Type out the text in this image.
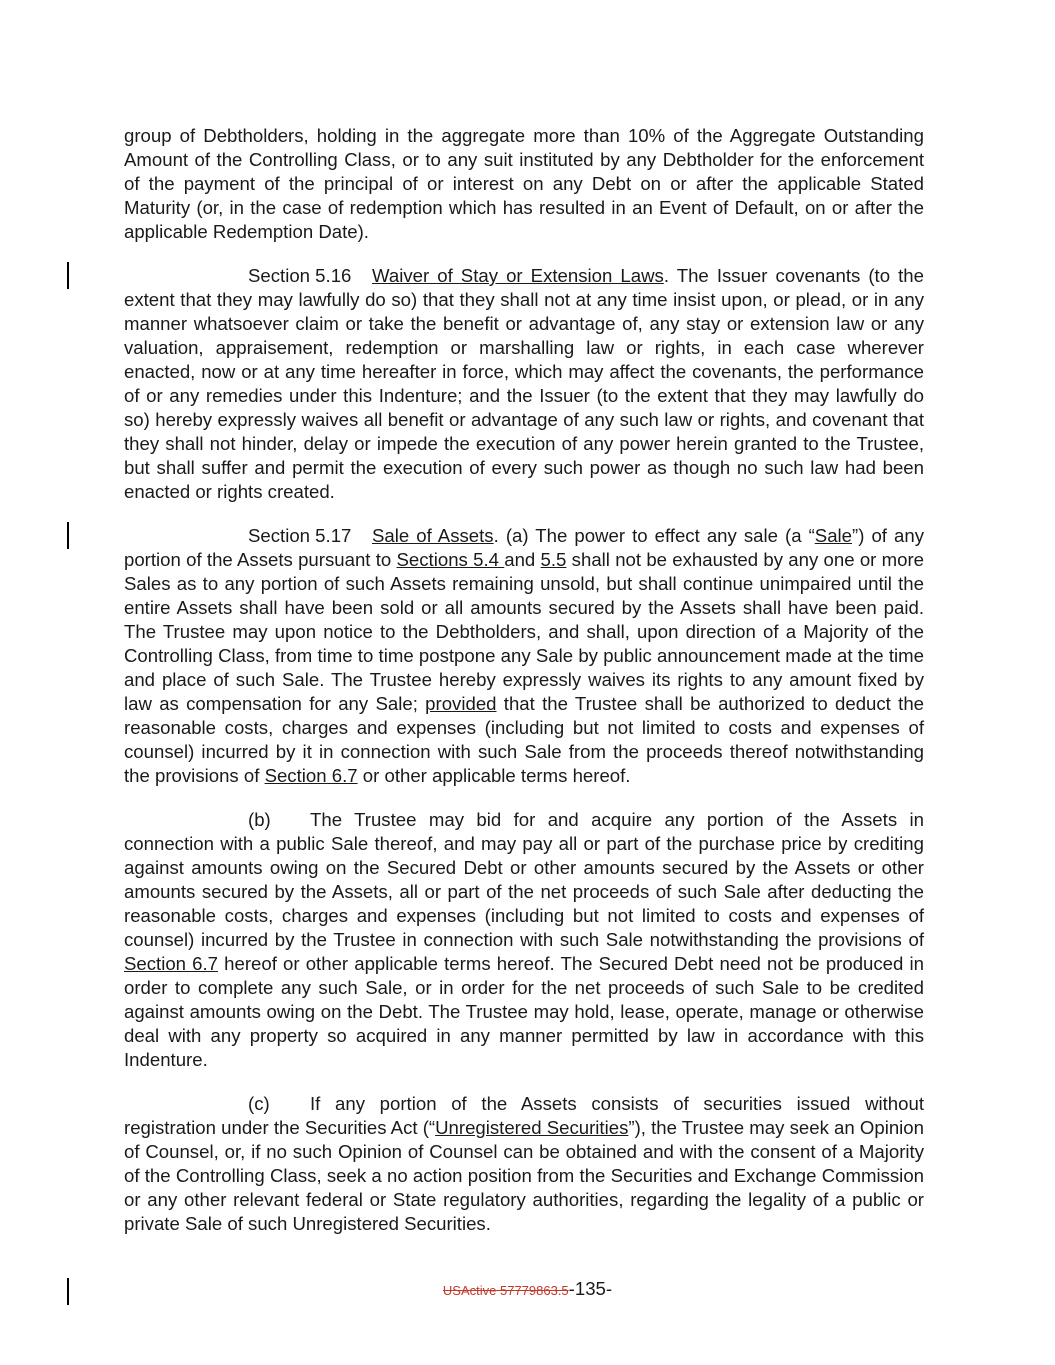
group of Debtholders, holding in the aggregate more than 10% of the Aggregate Outstanding Amount of the Controlling Class, or to any suit instituted by any Debtholder for the enforcement of the payment of the principal of or interest on any Debt on or after the applicable Stated Maturity (or, in the case of redemption which has resulted in an Event of Default, on or after the applicable Redemption Date).

Section 5.16 Waiver of Stay or Extension Laws. The Issuer covenants (to the extent that they may lawfully do so) that they shall not at any time insist upon, or plead, or in any manner whatsoever claim or take the benefit or advantage of, any stay or extension law or any valuation, appraisement, redemption or marshalling law or rights, in each case wherever enacted, now or at any time hereafter in force, which may affect the covenants, the performance of or any remedies under this Indenture; and the Issuer (to the extent that they may lawfully do so) hereby expressly waives all benefit or advantage of any such law or rights, and covenant that they shall not hinder, delay or impede the execution of any power herein granted to the Trustee, but shall suffer and permit the execution of every such power as though no such law had been enacted or rights created.

Section 5.17 Sale of Assets. (a) The power to effect any sale (a “Sale”) of any portion of the Assets pursuant to Sections 5.4 and 5.5 shall not be exhausted by any one or more Sales as to any portion of such Assets remaining unsold, but shall continue unimpaired until the entire Assets shall have been sold or all amounts secured by the Assets shall have been paid. The Trustee may upon notice to the Debtholders, and shall, upon direction of a Majority of the Controlling Class, from time to time postpone any Sale by public announcement made at the time and place of such Sale. The Trustee hereby expressly waives its rights to any amount fixed by law as compensation for any Sale; provided that the Trustee shall be authorized to deduct the reasonable costs, charges and expenses (including but not limited to costs and expenses of counsel) incurred by it in connection with such Sale from the proceeds thereof notwithstanding the provisions of Section 6.7 or other applicable terms hereof.

(b) The Trustee may bid for and acquire any portion of the Assets in connection with a public Sale thereof, and may pay all or part of the purchase price by crediting against amounts owing on the Secured Debt or other amounts secured by the Assets or other amounts secured by the Assets, all or part of the net proceeds of such Sale after deducting the reasonable costs, charges and expenses (including but not limited to costs and expenses of counsel) incurred by the Trustee in connection with such Sale notwithstanding the provisions of Section 6.7 hereof or other applicable terms hereof. The Secured Debt need not be produced in order to complete any such Sale, or in order for the net proceeds of such Sale to be credited against amounts owing on the Debt. The Trustee may hold, lease, operate, manage or otherwise deal with any property so acquired in any manner permitted by law in accordance with this Indenture.

(c) If any portion of the Assets consists of securities issued without registration under the Securities Act (“Unregistered Securities”), the Trustee may seek an Opinion of Counsel, or, if no such Opinion of Counsel can be obtained and with the consent of a Majority of the Controlling Class, seek a no action position from the Securities and Exchange Commission or any other relevant federal or State regulatory authorities, regarding the legality of a public or private Sale of such Unregistered Securities.

USActive 57779863.5-135-
